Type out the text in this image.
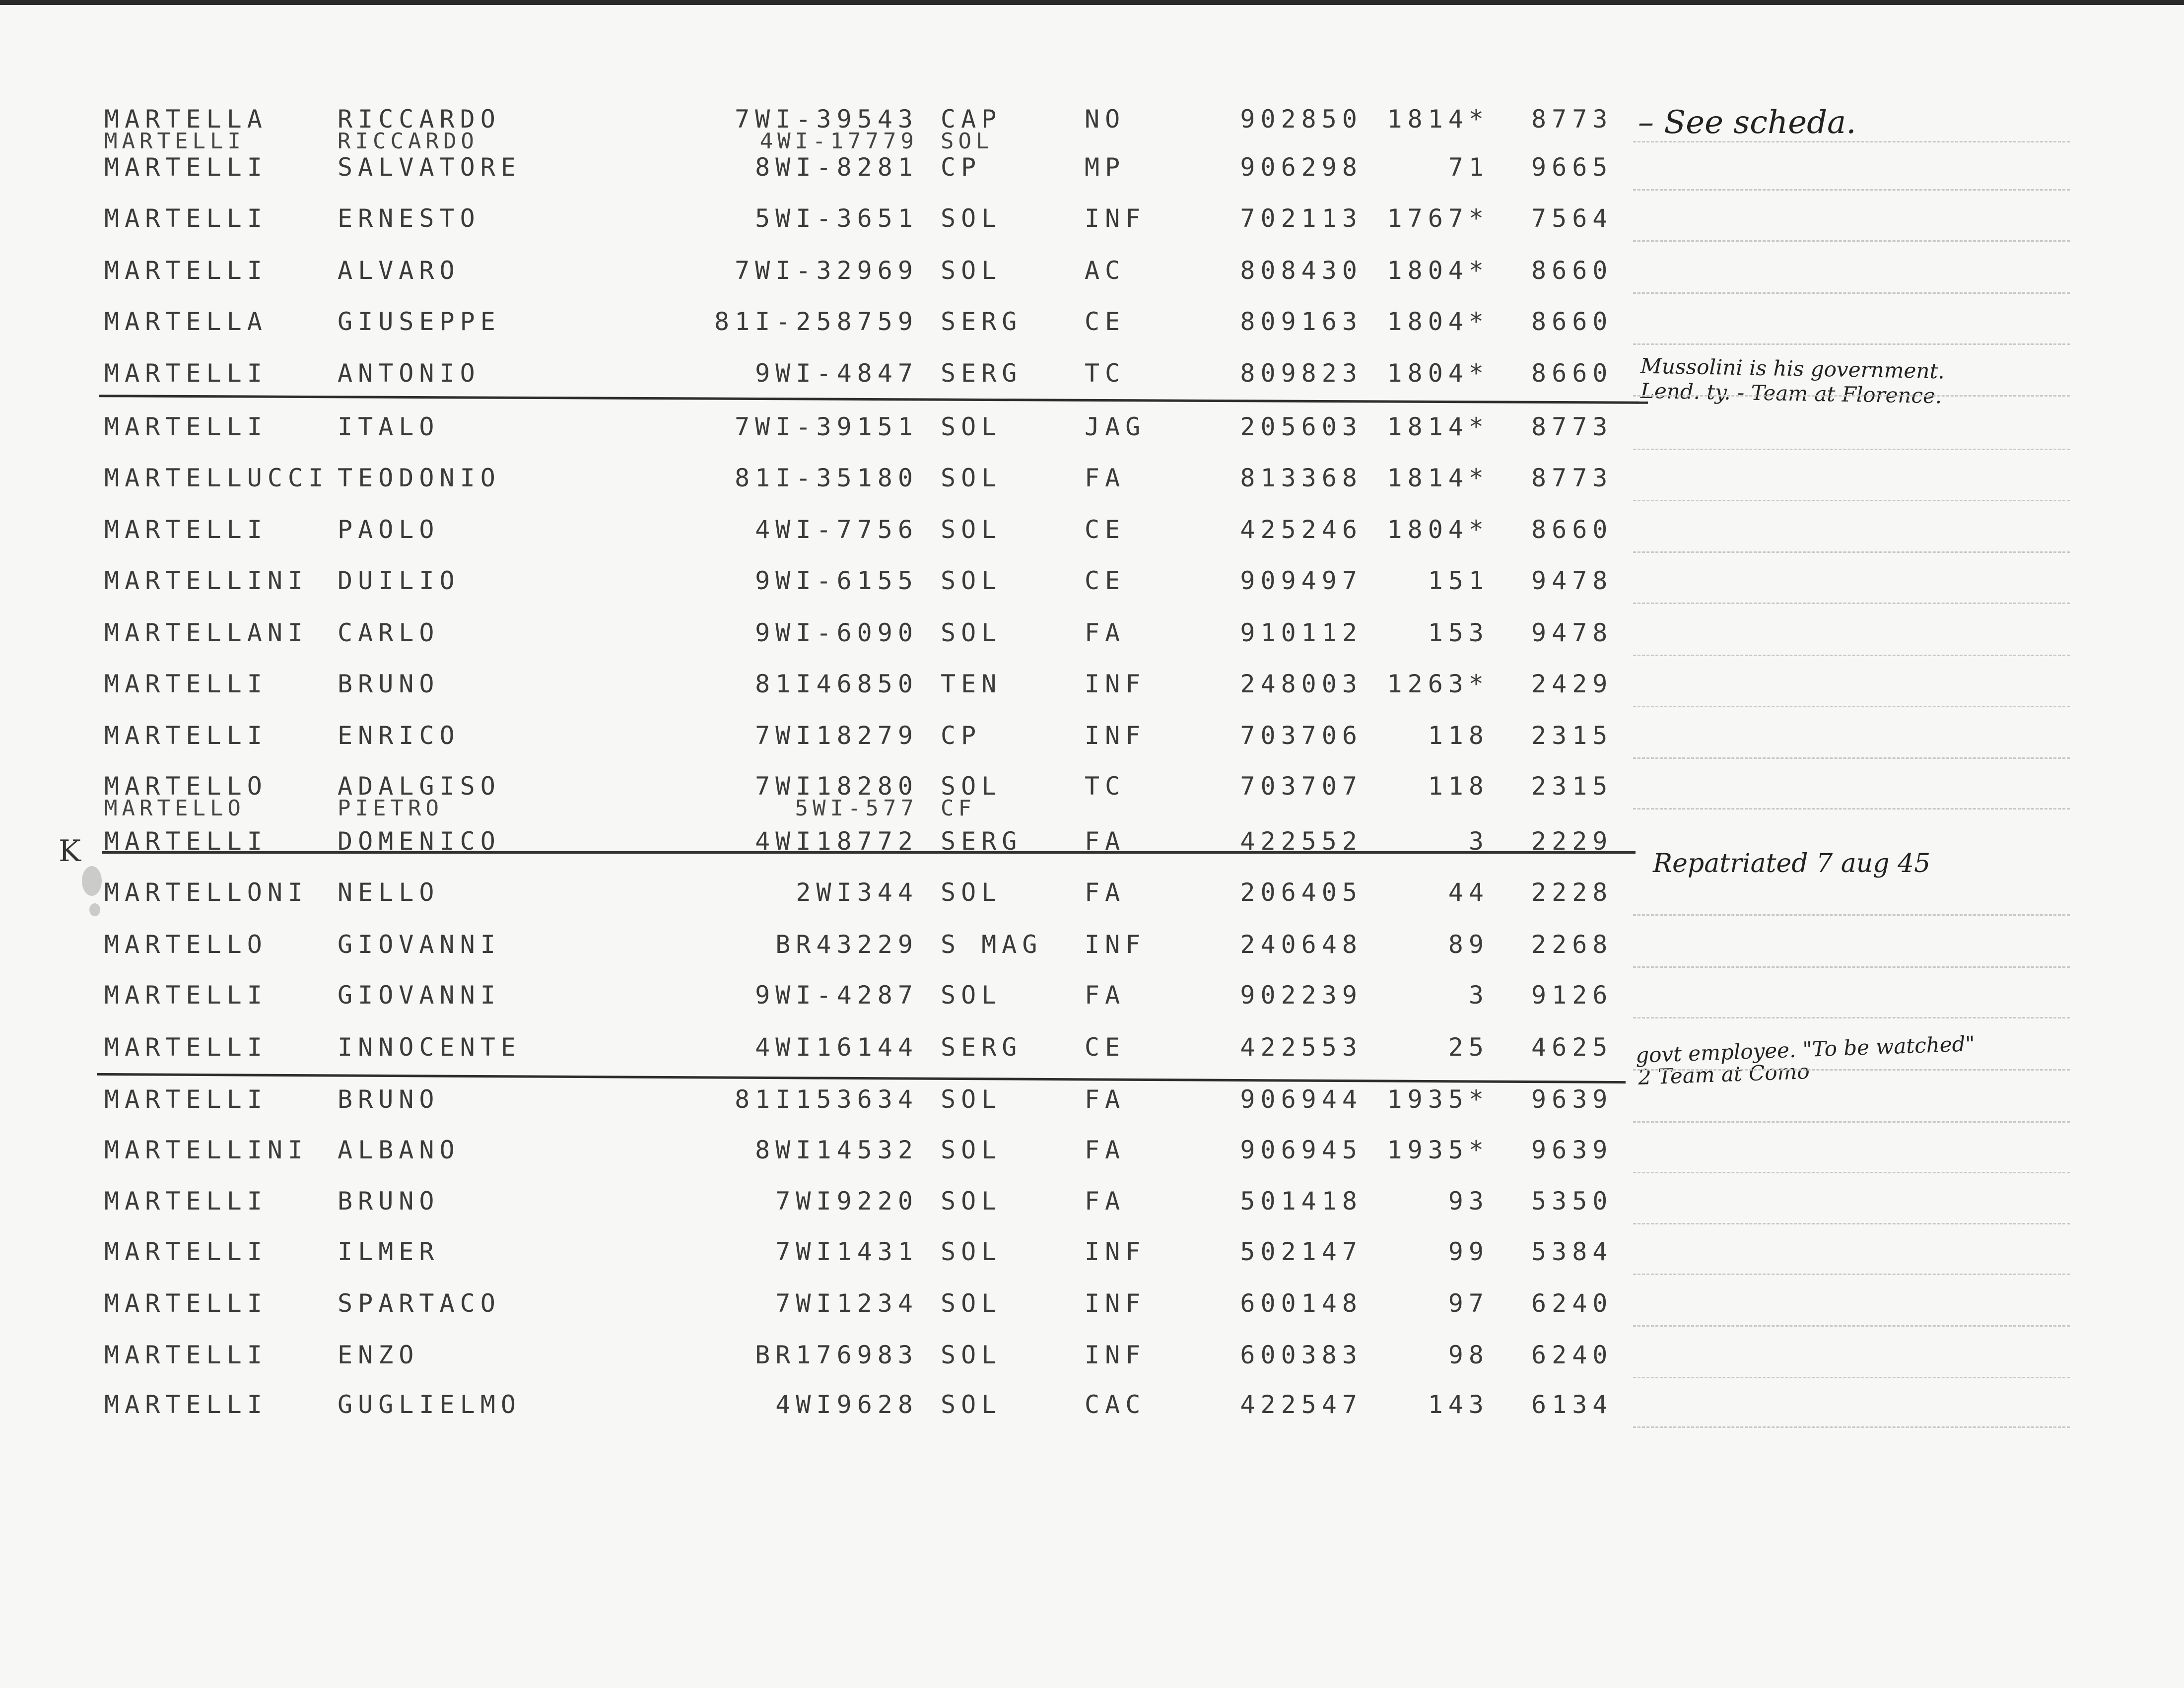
– See scheda.
Mussolini is his government.
Lend. ty. - Team at Florence.
K	Repatriated 7 aug 45
govt employee. "To be watched"
2 Team at Como
MARTELLA	RICCARDO	7WI-39543 CAP	NO	902850 1814* 8773
MARTELLI	RICCARDO	4WI-17779 SOL
MARTELLI	SALVATORE	8WI-8281 CP	MP	906298	71 9665
MARTELLI	ERNESTO	5WI-3651 SOL	INF	702113 1767* 7564
MARTELLI	ALVARO	7WI-32969 SOL	AC	808430 1804* 8660
MARTELLA	GIUSEPPE	81I-258759 SERG	CE	809163 1804* 8660
MARTELLI	ANTONIO	9WI-4847 SERG	TC	809823 1804* 8660
MARTELLI	ITALO	7WI-39151 SOL	JAG	205603 1814* 8773
MARTELLUCCI TEODONIO	81I-35180 SOL	FA	813368 1814* 8773
MARTELLI	PAOLO	4WI-7756 SOL	CE	425246 1804* 8660
MARTELLINI DUILIO	9WI-6155 SOL	CE	909497	151 9478
MARTELLANI CARLO	9WI-6090 SOL	FA	910112	153 9478
MARTELLI	BRUNO	81I46850 TEN	INF	248003 1263* 2429
MARTELLI	ENRICO	7WI18279 CP	INF	703706	118 2315
MARTELLO	ADALGISO	7WI18280 SOL	TC	703707	118 2315
MARTELLO	PIETRO	5WI-577 CF
MARTELLI	DOMENICO	4WI18772 SERG	FA	422552	3 2229
MARTELLONI NELLO	2WI344 SOL	FA	206405	44 2228
MARTELLO	GIOVANNI	BR43229 S MAG INF	240648	89 2268
MARTELLI	GIOVANNI	9WI-4287 SOL	FA	902239	3 9126
MARTELLI	INNOCENTE	4WI16144 SERG	CE	422553	25 4625
MARTELLI	BRUNO	81I153634 SOL	FA	906944 1935* 9639
MARTELLINI ALBANO	8WI14532 SOL	FA	906945 1935* 9639
MARTELLI	BRUNO	7WI9220 SOL	FA	501418	93 5350
MARTELLI	ILMER	7WI1431 SOL	INF	502147	99 5384
MARTELLI	SPARTACO	7WI1234 SOL	INF	600148	97 6240
MARTELLI	ENZO	BR176983 SOL	INF	600383	98 6240
MARTELLI	GUGLIELMO	4WI9628 SOL	CAC	422547	143 6134
